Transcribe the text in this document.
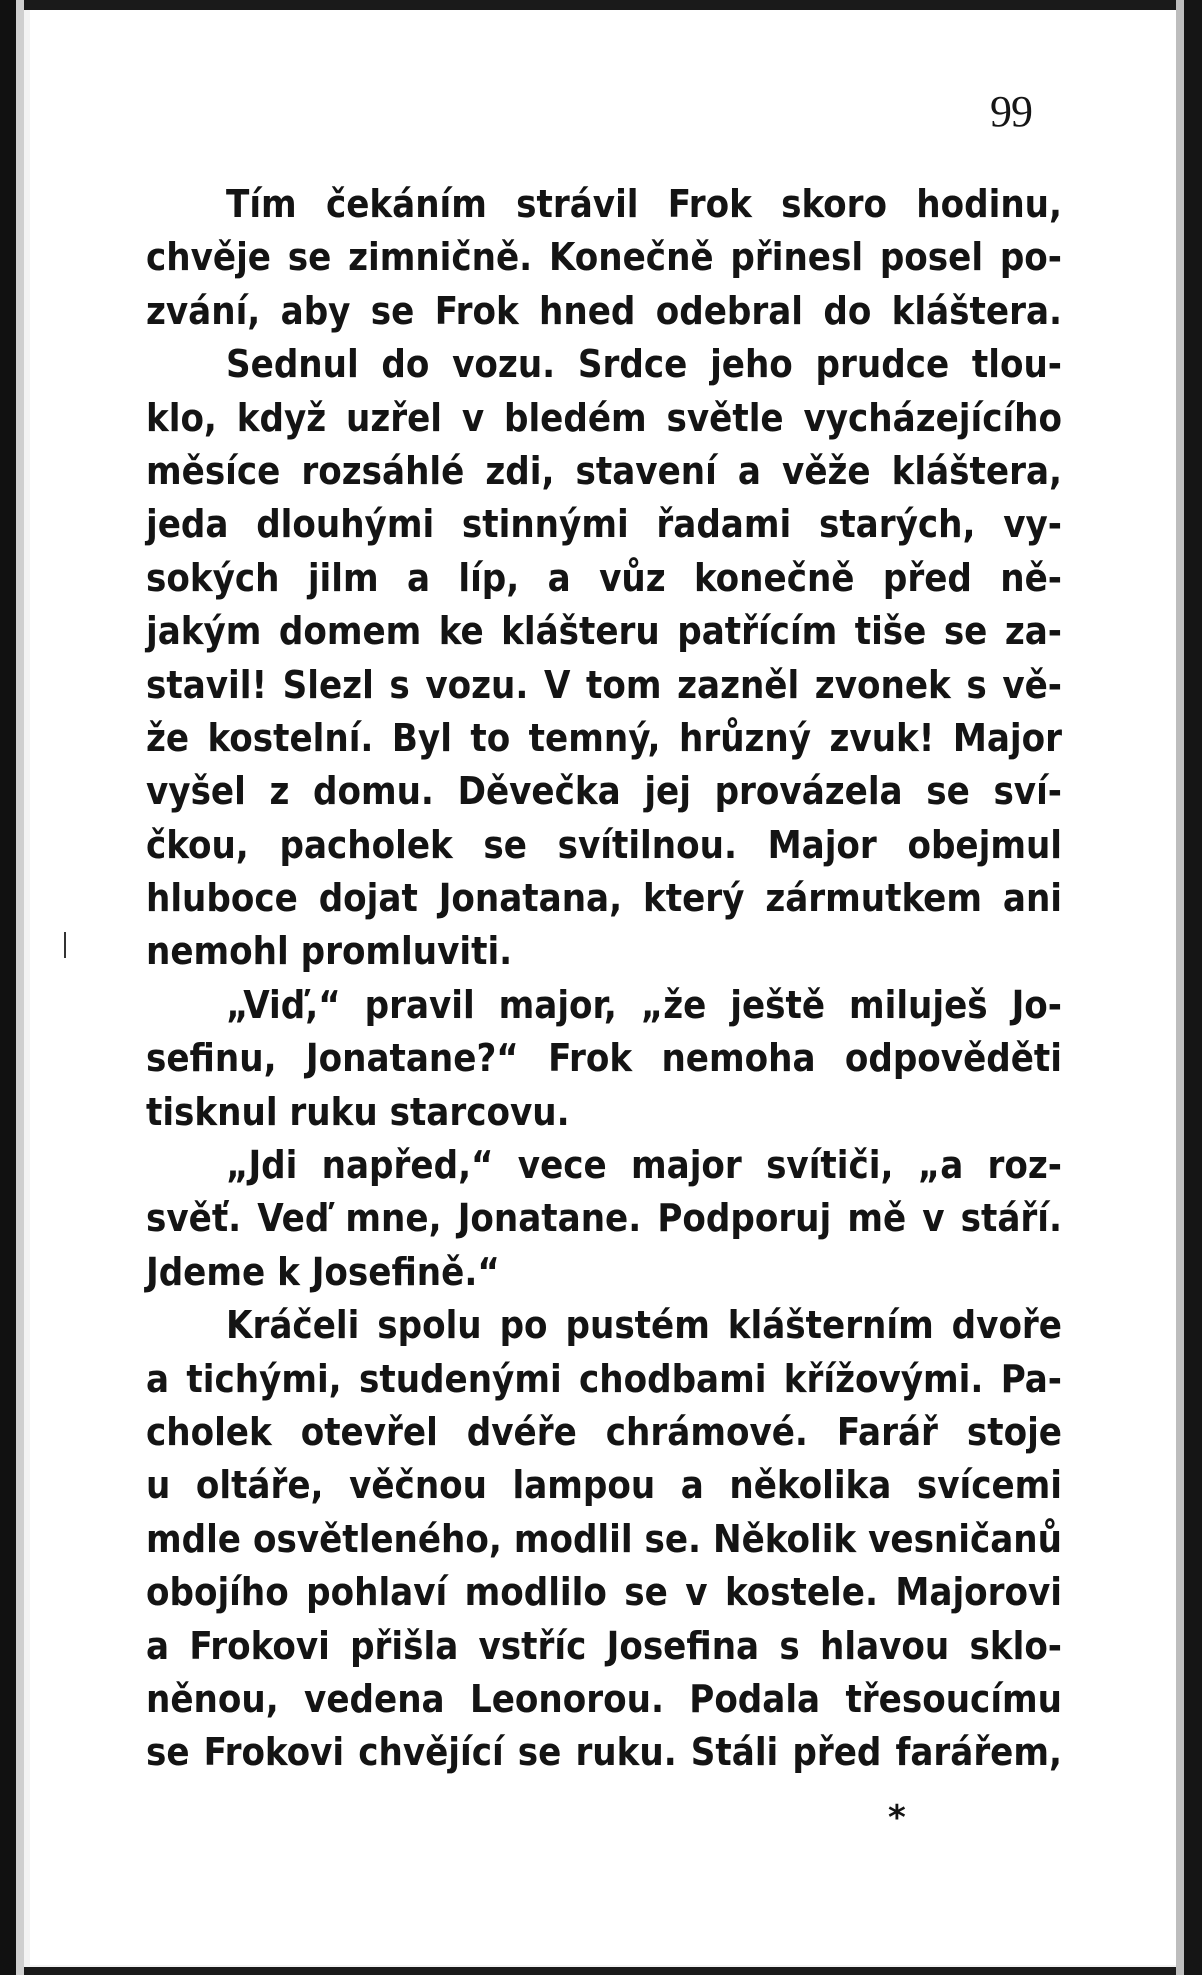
99
Tím čekáním strávil Frok skoro hodinu,
chvěje se zimničně. Konečně přinesl posel po-
zvání, aby se Frok hned odebral do kláštera.
Sednul do vozu. Srdce jeho prudce tlou-
klo, když uzřel v bledém světle vycházejícího
měsíce rozsáhlé zdi, stavení a věže kláštera,
jeda dlouhými stinnými řadami starých, vy-
sokých jilm a líp, a vůz konečně před ně-
jakým domem ke klášteru patřícím tiše se za-
stavil! Slezl s vozu. V tom zazněl zvonek s vě-
že kostelní. Byl to temný, hrůzný zvuk! Major
vyšel z domu. Děvečka jej provázela se sví-
čkou, pacholek se svítilnou. Major obejmul
hluboce dojat Jonatana, který zármutkem ani
nemohl promluviti.
„Viď,“ pravil major, „že ještě miluješ Jo-
sefinu, Jonatane?“ Frok nemoha odpověděti
tisknul ruku starcovu.
„Jdi napřed,“ vece major svítiči, „a roz-
svěť. Veď mne, Jonatane. Podporuj mě v stáří.
Jdeme k Josefině.“
Kráčeli spolu po pustém klášterním dvoře
a tichými, studenými chodbami křížovými. Pa-
cholek otevřel dvéře chrámové. Farář stoje
u oltáře, věčnou lampou a několika svícemi
mdle osvětleného, modlil se. Několik vesničanů
obojího pohlaví modlilo se v kostele. Majorovi
a Frokovi přišla vstříc Josefina s hlavou sklo-
něnou, vedena Leonorou. Podala třesoucímu
se Frokovi chvějící se ruku. Stáli před farářem,
*
